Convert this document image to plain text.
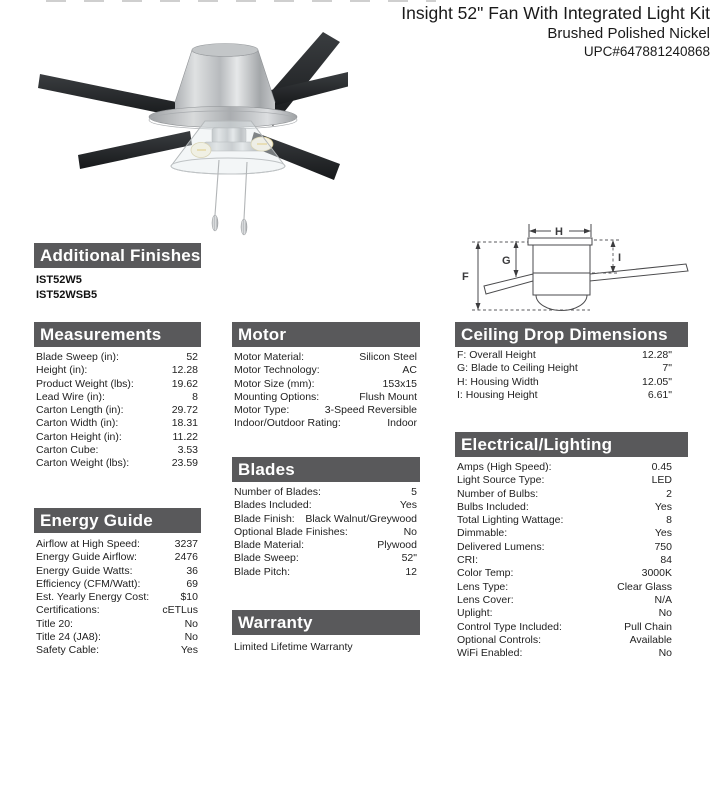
Insight 52" Fan With Integrated Light Kit
Brushed Polished Nickel
UPC#647881240868
F
G
H
I
Additional Finishes
IST52W5
IST52WSB5
Measurements
Blade Sweep (in):	52
Height (in):	12.28
Product Weight (lbs):	19.62
Lead Wire (in):	8
Carton Length (in):	29.72
Carton Width (in):	18.31
Carton Height (in):	11.22
Carton Cube:	3.53
Carton Weight (lbs):	23.59
Energy Guide
Airflow at High Speed:	3237
Energy Guide Airflow:	2476
Energy Guide Watts:	36
Efficiency (CFM/Watt):	69
Est. Yearly Energy Cost:	$10
Certifications:	cETLus
Title 20:	No
Title 24 (JA8):	No
Safety Cable:	Yes
Motor
Motor Material:	Silicon Steel
Motor Technology:	AC
Motor Size (mm):	153x15
Mounting Options:	Flush Mount
Motor Type:	3-Speed Reversible
Indoor/Outdoor Rating:	Indoor
Blades
Number of Blades:	5
Blades Included:	Yes
Blade Finish: Black Walnut/Greywood
Optional Blade Finishes:	No
Blade Material:	Plywood
Blade Sweep:	52"
Blade Pitch:	12
Warranty
Limited Lifetime Warranty
Ceiling Drop Dimensions
F: Overall Height	12.28"
G: Blade to Ceiling Height	7"
H: Housing Width	12.05"
I: Housing Height	6.61"
Electrical/Lighting
Amps (High Speed):	0.45
Light Source Type:	LED
Number of Bulbs:	2
Bulbs Included:	Yes
Total Lighting Wattage:	8
Dimmable:	Yes
Delivered Lumens:	750
CRI:	84
Color Temp:	3000K
Lens Type:	Clear Glass
Lens Cover:	N/A
Uplight:	No
Control Type Included:	Pull Chain
Optional Controls:	Available
WiFi Enabled:	No
